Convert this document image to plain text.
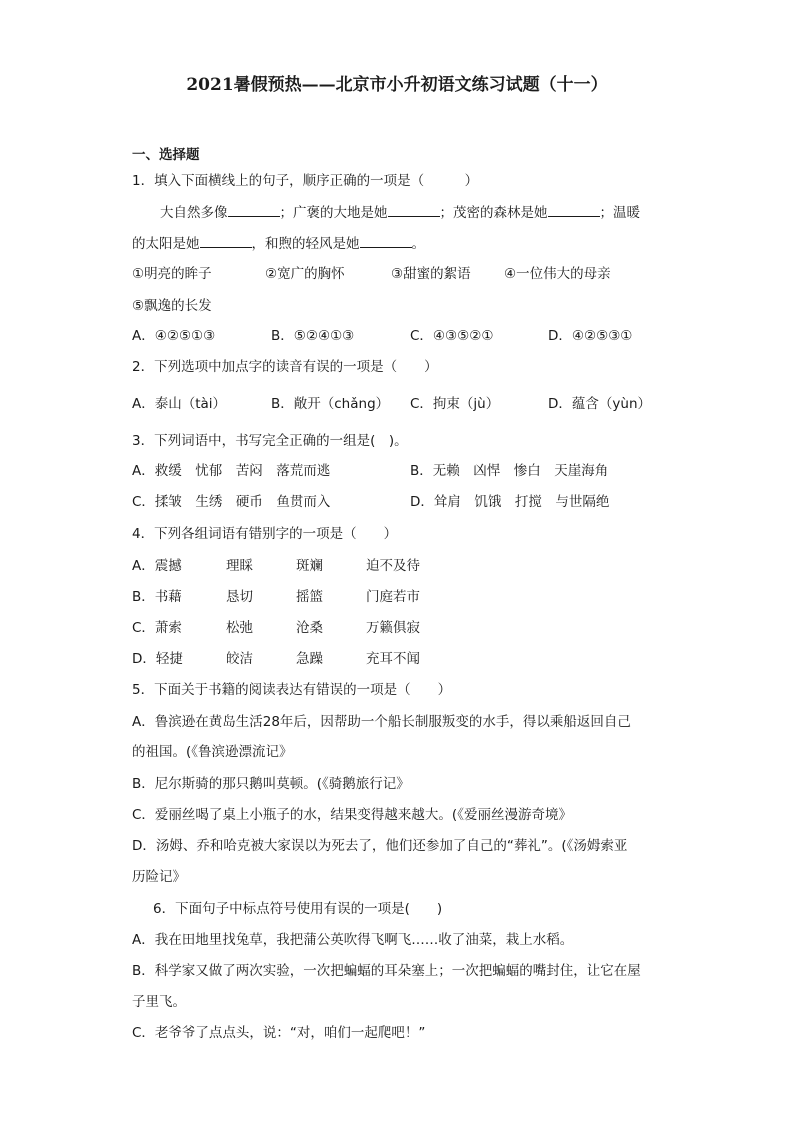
2021暑假预热——北京市小升初语文练习试题（十一）
一、选择题
1．填入下面横线上的句子，顺序正确的一项是（　　　）
大自然多像	；广褒的大地是她	；茂密的森林是她	；温暖
的太阳是她	，和煦的轻风是她	。
①明亮的眸子	②宽广的胸怀	③甜蜜的絮语 ④一位伟大的母亲
⑤飘逸的长发
A．④②⑤①③	B．⑤②④①③	C．④③⑤②①	D．④②⑤③①
2．下列选项中加点字的读音有误的一项是（　　）
A．泰山（tài）	B．敞开（chǎng） C．拘束（jù）	D．蕴含（yùn）
3．下列词语中，书写完全正确的一组是(　)。
A．救缓　忧郁　苦闷　落荒而逃	B．无赖　凶悍　惨白　天崖海角
C．揉皱　生绣　硬币　鱼贯而入	D．耸肩　饥饿　打搅　与世隔绝
4．下列各组词语有错别字的一项是（　　）
A．震撼	理睬	斑斓	迫不及待
B．书藉	恳切	摇篮	门庭若市
C．萧索	松弛	沧桑	万籁俱寂
D．轻捷	皎洁	急躁	充耳不闻
5．下面关于书籍的阅读表达有错误的一项是（　　）
A．鲁滨逊在黄岛生活28年后，因帮助一个船长制服叛变的水手，得以乘船返回自己
的祖国。(《鲁滨逊漂流记》
B．尼尔斯骑的那只鹅叫莫顿。(《骑鹅旅行记》
C．爱丽丝喝了桌上小瓶子的水，结果变得越来越大。(《爱丽丝漫游奇境》
D．汤姆、乔和哈克被大家误以为死去了，他们还参加了自己的“葬礼”。(《汤姆索亚
历险记》
6．下面句子中标点符号使用有误的一项是(　　)
A．我在田地里找兔草，我把蒲公英吹得飞啊飞……收了油菜，栽上水稻。
B．科学家又做了两次实验，一次把蝙蝠的耳朵塞上；一次把蝙蝠的嘴封住，让它在屋
子里飞。
C．老爷爷了点点头，说：“对，咱们一起爬吧！”
